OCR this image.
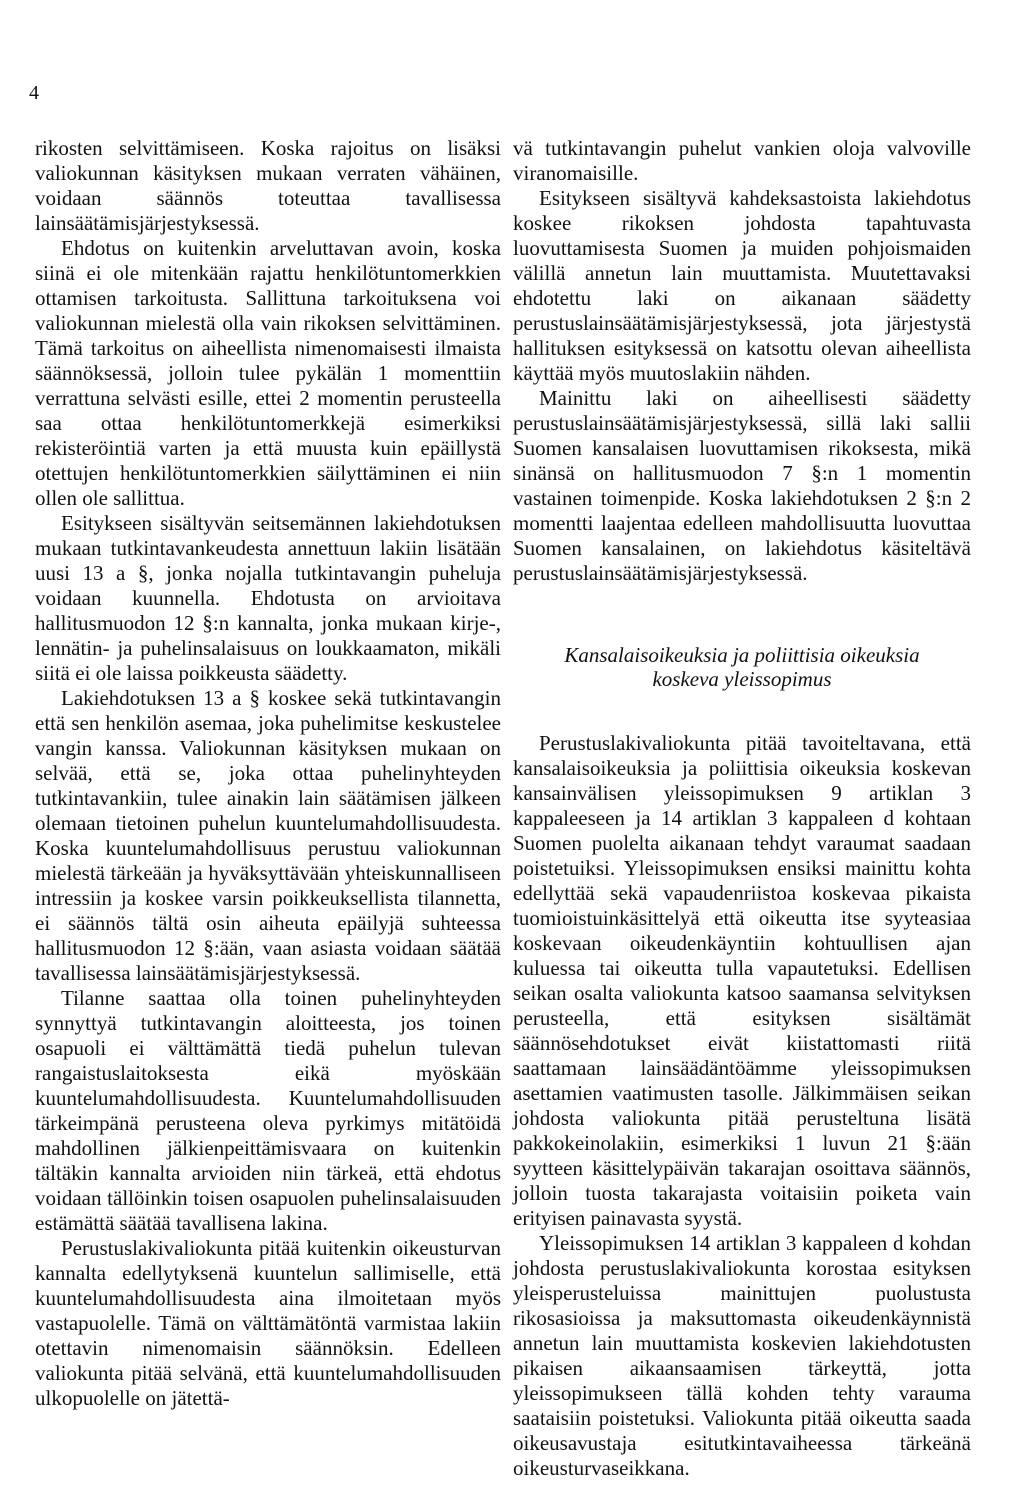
4

rikosten selvittämiseen. Koska rajoitus on lisäksi valiokunnan käsityksen mukaan verraten vähäinen, voidaan säännös toteuttaa tavallisessa lainsäätämisjärjestyksessä.

Ehdotus on kuitenkin arveluttavan avoin, koska siinä ei ole mitenkään rajattu henkilötuntomerkkien ottamisen tarkoitusta. Sallittuna tarkoituksena voi valiokunnan mielestä olla vain rikoksen selvittäminen. Tämä tarkoitus on aiheellista nimenomaisesti ilmaista säännöksessä, jolloin tulee pykälän 1 momenttiin verrattuna selvästi esille, ettei 2 momentin perusteella saa ottaa henkilötuntomerkkejä esimerkiksi rekisteröintiä varten ja että muusta kuin epäillystä otettujen henkilötuntomerkkien säilyttäminen ei niin ollen ole sallittua.

Esitykseen sisältyvän seitsemännen lakiehdotuksen mukaan tutkintavankeudesta annettuun lakiin lisätään uusi 13 a §, jonka nojalla tutkintavangin puheluja voidaan kuunnella. Ehdotusta on arvioitava hallitusmuodon 12 §:n kannalta, jonka mukaan kirje-, lennätin- ja puhelinsalaisuus on loukkaamaton, mikäli siitä ei ole laissa poikkeusta säädetty.

Lakiehdotuksen 13 a § koskee sekä tutkintavangin että sen henkilön asemaa, joka puhelimitse keskustelee vangin kanssa. Valiokunnan käsityksen mukaan on selvää, että se, joka ottaa puhelinyhteyden tutkintavankiin, tulee ainakin lain säätämisen jälkeen olemaan tietoinen puhelun kuuntelumahdollisuudesta. Koska kuuntelumahdollisuus perustuu valiokunnan mielestä tärkeään ja hyväksyttävään yhteiskunnalliseen intressiin ja koskee varsin poikkeuksellista tilannetta, ei säännös tältä osin aiheuta epäilyjä suhteessa hallitusmuodon 12 §:ään, vaan asiasta voidaan säätää tavallisessa lainsäätämisjärjestyksessä.

Tilanne saattaa olla toinen puhelinyhteyden synnyttyä tutkintavangin aloitteesta, jos toinen osapuoli ei välttämättä tiedä puhelun tulevan rangaistuslaitoksesta eikä myöskään kuuntelumahdollisuudesta. Kuuntelumahdollisuuden tärkeimpänä perusteena oleva pyrkimys mitätöidä mahdollinen jälkienpeittämisvaara on kuitenkin tältäkin kannalta arvioiden niin tärkeä, että ehdotus voidaan tällöinkin toisen osapuolen puhelinsalaisuuden estämättä säätää tavallisena lakina.

Perustuslakivaliokunta pitää kuitenkin oikeusturvan kannalta edellytyksenä kuuntelun sallimiselle, että kuuntelumahdollisuudesta aina ilmoitetaan myös vastapuolelle. Tämä on välttämätöntä varmistaa lakiin otettavin nimenomaisin säännöksin. Edelleen valiokunta pitää selvänä, että kuuntelumahdollisuuden ulkopuolelle on jätettä-

vä tutkintavangin puhelut vankien oloja valvoville viranomaisille.

Esitykseen sisältyvä kahdeksastoista lakiehdotus koskee rikoksen johdosta tapahtuvasta luovuttamisesta Suomen ja muiden pohjoismaiden välillä annetun lain muuttamista. Muutettavaksi ehdotettu laki on aikanaan säädetty perustuslainsäätämisjärjestyksessä, jota järjestystä hallituksen esityksessä on katsottu olevan aiheellista käyttää myös muutoslakiin nähden.

Mainittu laki on aiheellisesti säädetty perustuslainsäätämisjärjestyksessä, sillä laki sallii Suomen kansalaisen luovuttamisen rikoksesta, mikä sinänsä on hallitusmuodon 7 §:n 1 momentin vastainen toimenpide. Koska lakiehdotuksen 2 §:n 2 momentti laajentaa edelleen mahdollisuutta luovuttaa Suomen kansalainen, on lakiehdotus käsiteltävä perustuslainsäätämisjärjestyksessä.

Kansalaisoikeuksia ja poliittisia oikeuksia
koskeva yleissopimus

Perustuslakivaliokunta pitää tavoiteltavana, että kansalaisoikeuksia ja poliittisia oikeuksia koskevan kansainvälisen yleissopimuksen 9 artiklan 3 kappaleeseen ja 14 artiklan 3 kappaleen d kohtaan Suomen puolelta aikanaan tehdyt varaumat saadaan poistetuiksi. Yleissopimuksen ensiksi mainittu kohta edellyttää sekä vapaudenriistoa koskevaa pikaista tuomioistuinkäsittelyä että oikeutta itse syyteasiaa koskevaan oikeudenkäyntiin kohtuullisen ajan kuluessa tai oikeutta tulla vapautetuksi. Edellisen seikan osalta valiokunta katsoo saamansa selvityksen perusteella, että esityksen sisältämät säännösehdotukset eivät kiistattomasti riitä saattamaan lainsäädäntöämme yleissopimuksen asettamien vaatimusten tasolle. Jälkimmäisen seikan johdosta valiokunta pitää perusteltuna lisätä pakkokeinolakiin, esimerkiksi 1 luvun 21 §:ään syytteen käsittelypäivän takarajan osoittava säännös, jolloin tuosta takarajasta voitaisiin poiketa vain erityisen painavasta syystä.

Yleissopimuksen 14 artiklan 3 kappaleen d kohdan johdosta perustuslakivaliokunta korostaa esityksen yleisperusteluissa mainittujen puolustusta rikosasioissa ja maksuttomasta oikeudenkäynnistä annetun lain muuttamista koskevien lakiehdotusten pikaisen aikaansaamisen tärkeyttä, jotta yleissopimukseen tällä kohden tehty varauma saataisiin poistetuksi. Valiokunta pitää oikeutta saada oikeusavustaja esitutkintavaiheessa tärkeänä oikeusturvaseikkana.
